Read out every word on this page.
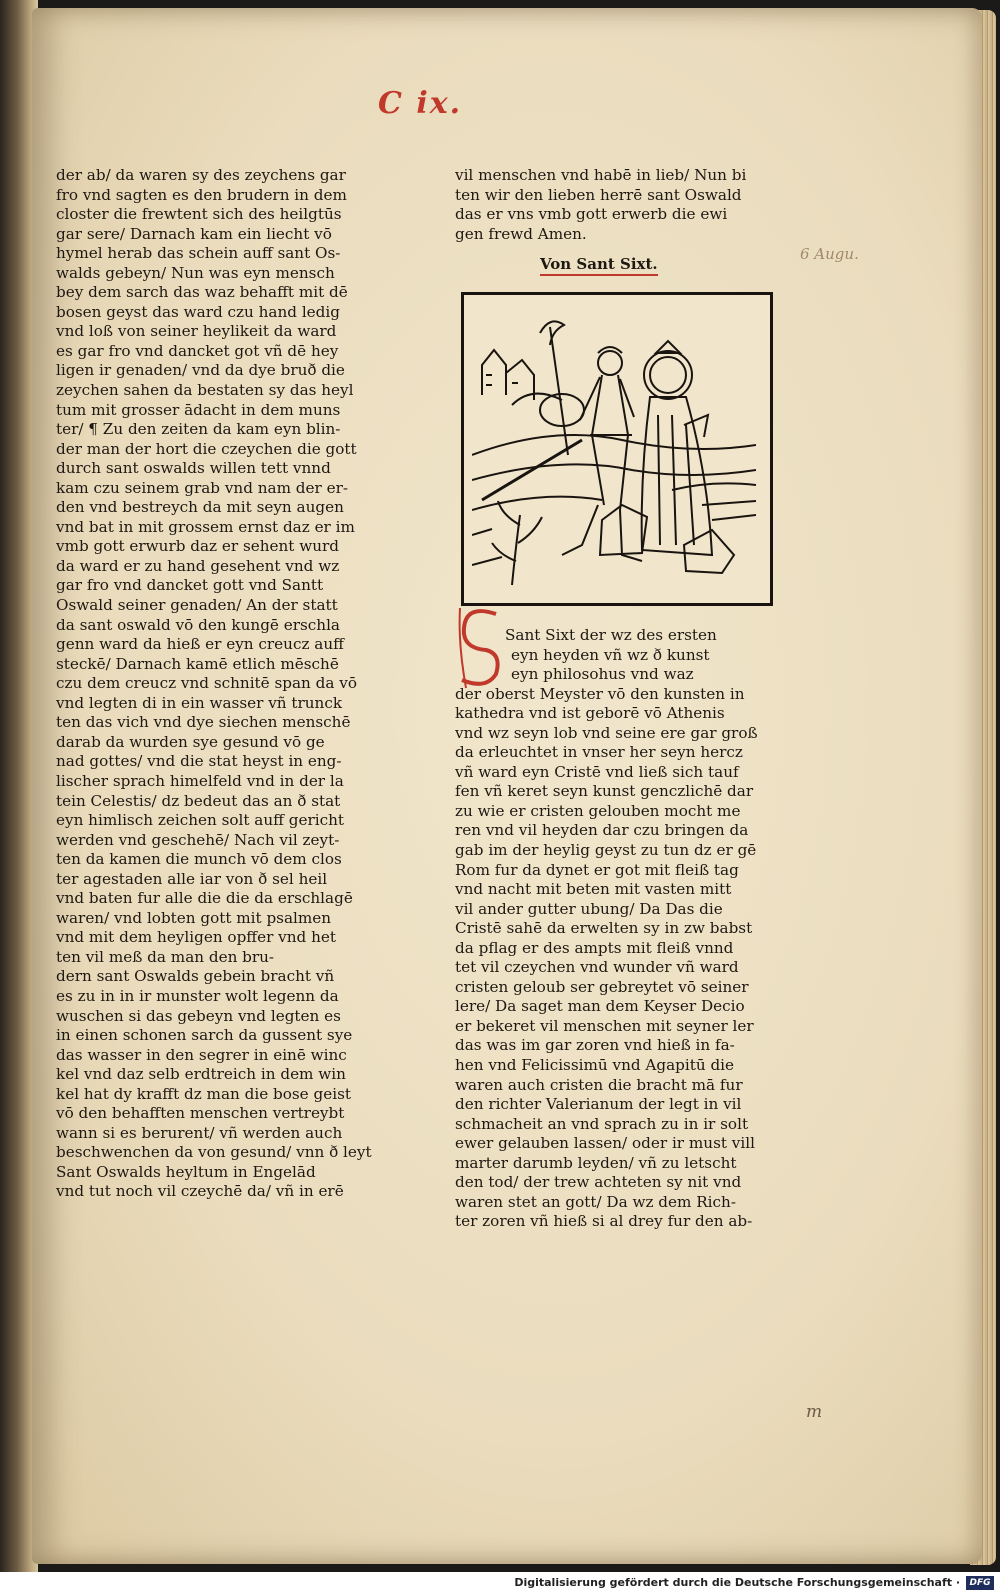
C ix.
der ab/ da waren sy des zeychens gar
fro vnd sagten es den brudern in dem
closter die frewtent sich des heilgtūs
gar sere/ Darnach kam ein liecht vō
hymel herab das schein auff sant Os-
walds gebeyn/ Nun was eyn mensch
bey dem sarch das waz behafft mit dē
bosen geyst das ward czu hand ledig
vnd loß von seiner heylikeit da ward
es gar fro vnd dancket got vñ dē hey
ligen ir genaden/ vnd da dye bruð die
zeychen sahen da bestaten sy das heyl
tum mit grosser ādacht in dem muns
ter/ ¶ Zu den zeiten da kam eyn blin-
der man der hort die czeychen die gott
durch sant oswalds willen tett vnnd
kam czu seinem grab vnd nam der er-
den vnd bestreych da mit seyn augen
vnd bat in mit grossem ernst daz er im
vmb gott erwurb daz er sehent wurd
da ward er zu hand gesehent vnd wz
gar fro vnd dancket gott vnd Santt
Oswald seiner genaden/ An der statt
da sant oswald vō den kungē erschla
genn ward da hieß er eyn creucz auff
steckē/ Darnach kamē etlich mēschē
czu dem creucz vnd schnitē span da vō
vnd legten di in ein wasser vñ trunck
ten das vich vnd dye siechen menschē
darab da wurden sye gesund vō ge
nad gottes/ vnd die stat heyst in eng-
lischer sprach himelfeld vnd in der la
tein Celestis/ dz bedeut das an ð stat
eyn himlisch zeichen solt auff gericht
werden vnd geschehē/ Nach vil zeyt-
ten da kamen die munch vō dem clos
ter agestaden alle iar von ð sel heil
vnd baten fur alle die die da erschlagē
waren/ vnd lobten gott mit psalmen
vnd mit dem heyligen opffer vnd het
ten vil meß da man den bru-
dern sant Oswalds gebein bracht vñ
es zu in in ir munster wolt legenn da
wuschen si das gebeyn vnd legten es
in einen schonen sarch da gussent sye
das wasser in den segrer in einē winc
kel vnd daz selb erdtreich in dem win
kel hat dy krafft dz man die bose geist
vō den behafften menschen vertreybt
wann si es berurent/ vñ werden auch
beschwenchen da von gesund/ vnn ð leyt
Sant Oswalds heyltum in Engelād
vnd tut noch vil czeychē da/ vñ in erē
vil menschen vnd habē in lieb/ Nun bi
ten wir den lieben herrē sant Oswald
das er vns vmb gott erwerb die ewi
gen frewd Amen.
Von Sant Sixt.
6 Augu.
Sant Sixt der wz des ersten
eyn heyden vñ wz ð kunst
eyn philosohus vnd waz
der oberst Meyster vō den kunsten in
kathedra vnd ist geborē vō Athenis
vnd wz seyn lob vnd seine ere gar groß
da erleuchtet in vnser her seyn hercz
vñ ward eyn Cristē vnd ließ sich tauf
fen vñ keret seyn kunst genczlichē dar
zu wie er cristen gelouben mocht me
ren vnd vil heyden dar czu bringen da
gab im der heylig geyst zu tun dz er gē
Rom fur da dynet er got mit fleiß tag
vnd nacht mit beten mit vasten mitt
vil ander gutter ubung/ Da Das die
Cristē sahē da erwelten sy in zw babst
da pflag er des ampts mit fleiß vnnd
tet vil czeychen vnd wunder vñ ward
cristen geloub ser gebreytet vō seiner
lere/ Da saget man dem Keyser Decio
er bekeret vil menschen mit seyner ler
das was im gar zoren vnd hieß in fa-
hen vnd Felicissimū vnd Agapitū die
waren auch cristen die bracht mā fur
den richter Valerianum der legt in vil
schmacheit an vnd sprach zu in ir solt
ewer gelauben lassen/ oder ir must vill
marter darumb leyden/ vñ zu letscht
den tod/ der trew achteten sy nit vnd
waren stet an gott/ Da wz dem Rich-
ter zoren vñ hieß si al drey fur den ab-
m
Digitalisierung gefördert durch die Deutsche Forschungsgemeinschaft ·	DFG
